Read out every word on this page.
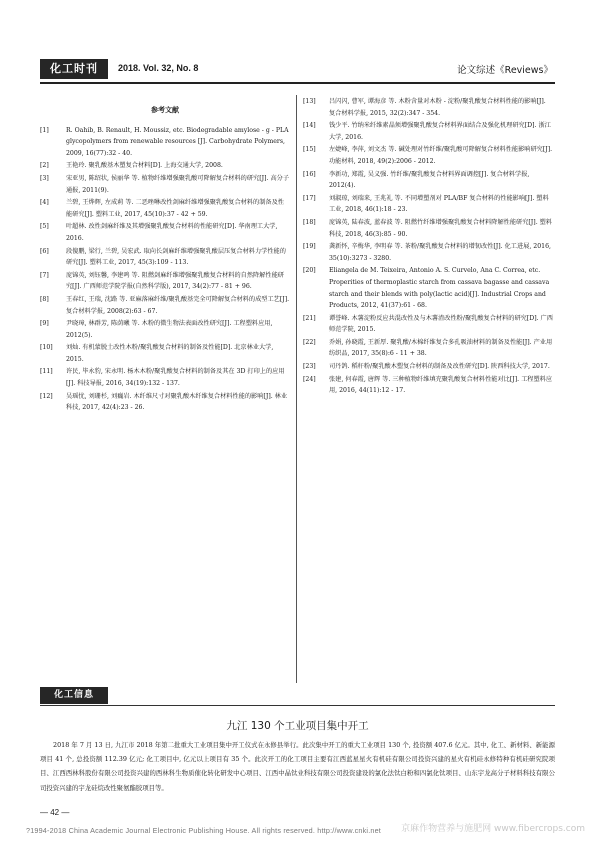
化工时刊	2018. Vol. 32, No. 8	论文综述《Reviews》
参考文献
[1]	R. Oahib, B. Renault, H. Moussiz, etc. Biodegradable amylose - g - PLA glycopolymers from renewable resources [J]. Carbohydrate Polymers, 2009, 16(77):32 - 40.
[2]	王艳玲. 聚乳酸基木塑复合材料[D]. 上海交通大学, 2008.
[3]	宋亚男, 陈绍状, 侯丽华 等. 植物纤维增强聚乳酸可降解复合材料的研究[J]. 高分子通报, 2011(9).
[4]	兰碧, 王烨辉, 左成莉 等. 二恶唑啉改性剑麻纤维增强聚乳酸复合材料的制备及性能研究[J]. 塑料工业, 2017, 45(10):37 - 42 + 59.
[5]	叶超林. 改性剑麻纤维及其增强聚乳酸复合材料的性能研究[D]. 华南理工大学, 2016.
[6]	段傻鹏, 梁行, 兰碧, 吴宏武. 取向长剑麻纤维增强聚乳酸层压复合材料力学性能的研究[J]. 塑料工业, 2017, 45(3):109 - 113.
[7]	庞锦英, 刘钰馨, 李建鸣 等. 阻燃剑麻纤维增强聚乳酸复合材料的自然降解性能研究[J]. 广西师范学院学报(自然科学版), 2017, 34(2):77 - 81 + 96.
[8]	王春红, 王瑞, 沈路 等. 亚麻落麻纤维/聚乳酸基完全可降解复合材料的成型工艺[J]. 复合材料学报, 2008(2):63 - 67.
[9]	尹晓璋, 林群芳, 陈荫曦 等. 木粉的微生物法表面改性研究[J]. 工程塑料应用, 2012(5).
[10]	刘灿. 有机蒙脱土改性木粉/聚乳酸复合材料的制备及性能[D]. 北京林业大学, 2015.
[11]	许民, 毕永豹, 宋永明. 杨木木粉/聚乳酸复合材料的制备及其在 3D 打印上的应用[J]. 科技导报, 2016, 34(19):132 - 137.
[12]	吴瑶忧, 刘珊杉, 刘巍岩. 木纤维尺寸对聚乳酸木纤维复合材料性能的影响[J]. 林业科技, 2017, 42(4):23 - 26.
[13]	吕闪闪, 曹军, 谭海彦 等. 木粉含量对木粉 - 淀粉/聚乳酸复合材料性能的影响[J]. 复合材料学报, 2015, 32(2):347 - 354.
[14]	钱少平. 竹纳米纤维素晶须增强聚乳酸复合材料界面结合及强化机理研究[D]. 浙江大学, 2016.
[15]	左婕峰, 李萍, 刘文杰 等. 碱处理对竹纤维/聚乳酸可降解复合材料性能影响研究[J]. 功能材料, 2018, 49(2):2006 - 2012.
[16]	李新功, 郑霞, 吴义强. 竹纤维/聚乳酸复合材料界面调控[J]. 复合材料学报, 2012(4).
[17]	刘淑琼, 刘瑞来, 王兆礼 等. 不同增塑剂对 PLA/BF 复合材料的性能影响[J]. 塑料工业, 2018, 46(1):18 - 23.
[18]	庞锦英, 陆春波, 蓝春波 等. 阻燃竹纤维增强聚乳酸复合材料降解性能研究[J]. 塑料科技, 2018, 46(3):85 - 90.
[19]	龚新怀, 辛梅华, 李明春 等. 茶粉/聚乳酸复合材料的增韧改性[J]. 化工进展, 2016, 35(10):3273 - 3280.
[20]	Eliangela de M. Teixeira, Antonio A. S. Curvelo, Ana C. Correa, etc. Properities of thermoplastic starch from cassava bagasse and cassava starch and their blends with poly(lactic acid)[J]. Industrial Crops and Products, 2012, 41(37):61 - 68.
[21]	谭誉峰. 木薯淀粉反应共混改性及与木薯渣改性粉/聚乳酸复合材料的研究[D]. 广西师范学院, 2015.
[22]	乔娟, 孙晓霞, 王新厚. 聚乳酸/木棉纤维复合多孔吸油材料的制备及性能[J]. 产业用纺织品, 2017, 35(8):6 - 11 + 38.
[23]	司丹鸽. 稻秆粉/聚乳酸木塑复合材料的制备及改性研究[D]. 陕西科技大学, 2017.
[24]	张建, 何春霞, 唐辉 等. 三种植物纤维填充聚乳酸复合材料性能对比[J]. 工程塑料应用, 2016, 44(11):12 - 17.
化工信息
九江 130 个工业项目集中开工
2018 年 7 月 13 日, 九江市 2018 年第二批重大工业项目集中开工仪式在永修县举行。此次集中开工的重大工业项目 130 个, 投资额 407.6 亿元。其中, 化工、新材料、新能源项目 41 个, 总投资额 112.39 亿元; 化工项目中, 亿元以上项目有 35 个。此次开工的化工项目主要有江西蓝星星火有机硅有限公司投资兴建的星火有机硅永修特种有机硅研究院项目、江西西林科股份有限公司投资兴建的西林科生物质催化转化研发中心项目、江西中晶钛业科技有限公司投资建设的氯化法钛白粉和四氯化钛项目、山东宇龙高分子材料科技有限公司投资兴建的宇龙硅烷改性聚氨酯胶项目等。
— 42 —
?1994-2018 China Academic Journal Electronic Publishing House. All rights reserved. http://www.cnki.net 京麻作物营养与施肥网 www.fibercrops.com
